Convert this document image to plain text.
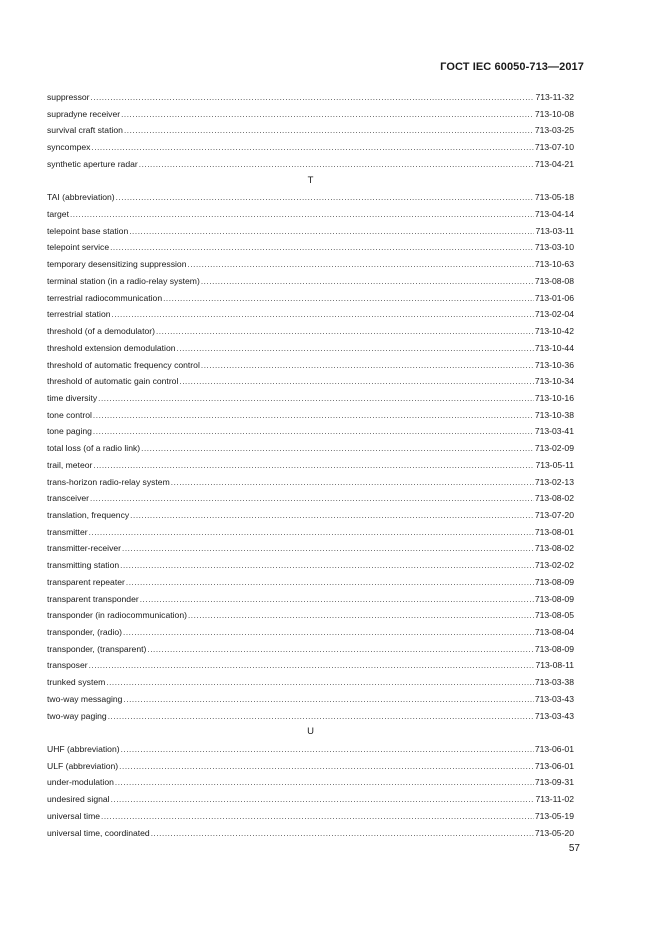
ГОСТ IEC 60050-713—2017
suppressor .....	713-11-32
supradyne receiver .....	713-10-08
survival craft station .....	713-03-25
syncompex .....	713-07-10
synthetic aperture radar .....	713-04-21
T
TAI (abbreviation) .....	713-05-18
target .....	713-04-14
telepoint base station .....	713-03-11
telepoint service .....	713-03-10
temporary desensitizing suppression .....	713-10-63
terminal station (in a radio-relay system) .....	713-08-08
terrestrial radiocommunication .....	713-01-06
terrestrial station .....	713-02-04
threshold (of a demodulator) .....	713-10-42
threshold extension demodulation .....	713-10-44
threshold of automatic frequency control .....	713-10-36
threshold of automatic gain control .....	713-10-34
time diversity .....	713-10-16
tone control .....	713-10-38
tone paging .....	713-03-41
total loss (of a radio link) .....	713-02-09
trail, meteor .....	713-05-11
trans-horizon radio-relay system .....	713-02-13
transceiver .....	713-08-02
translation, frequency .....	713-07-20
transmitter .....	713-08-01
transmitter-receiver .....	713-08-02
transmitting station .....	713-02-02
transparent repeater .....	713-08-09
transparent transponder .....	713-08-09
transponder (in radiocommunication) .....	713-08-05
transponder, (radio) .....	713-08-04
transponder, (transparent) .....	713-08-09
transposer .....	713-08-11
trunked system .....	713-03-38
two-way messaging .....	713-03-43
two-way paging .....	713-03-43
U
UHF (abbreviation) .....	713-06-01
ULF (abbreviation) .....	713-06-01
under-modulation .....	713-09-31
undesired signal .....	713-11-02
universal time .....	713-05-19
universal time, coordinated .....	713-05-20
57
